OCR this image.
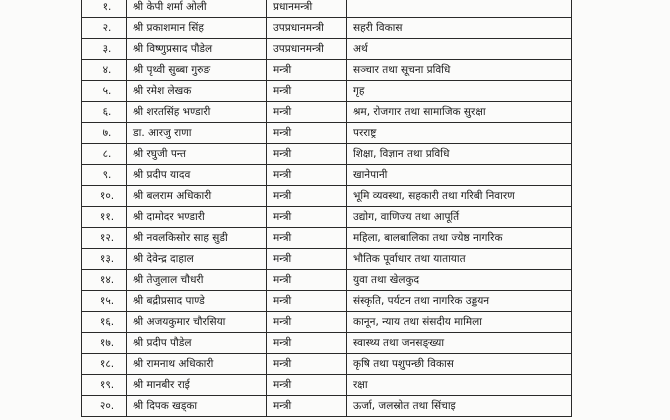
१.	श्री केपी शर्मा ओली	प्रधानमन्त्री	
२.	श्री प्रकाशमान सिंह	उपप्रधानमन्त्री	सहरी विकास
३.	श्री विष्णुप्रसाद पौडेल	उपप्रधानमन्त्री	अर्थ
४.	श्री पृथ्वी सुब्बा गुरुङ	मन्त्री	सञ्चार तथा सूचना प्रविधि
५.	श्री रमेश लेखक	मन्त्री	गृह
६.	श्री शरतसिंह भण्डारी	मन्त्री	श्रम, रोजगार तथा सामाजिक सुरक्षा
७.	डा. आरजु राणा	मन्त्री	परराष्ट्र
८.	श्री रघुजी पन्त	मन्त्री	शिक्षा, विज्ञान तथा प्रविधि
९.	श्री प्रदीप यादव	मन्त्री	खानेपानी
१०.	श्री बलराम अधिकारी	मन्त्री	भूमि व्यवस्था, सहकारी तथा गरिबी निवारण
११.	श्री दामोदर भण्डारी	मन्त्री	उद्योग, वाणिज्य तथा आपूर्ति
१२.	श्री नवलकिसोर साह सुडी	मन्त्री	महिला, बालबालिका तथा ज्येष्ठ नागरिक
१३.	श्री देवेन्द्र दाहाल	मन्त्री	भौतिक पूर्वाधार तथा यातायात
१४.	श्री तेजुलाल चौधरी	मन्त्री	युवा तथा खेलकुद
१५.	श्री बद्रीप्रसाद पाण्डे	मन्त्री	संस्कृति, पर्यटन तथा नागरिक उड्डयन
१६.	श्री अजयकुमार चौरसिया	मन्त्री	कानून, न्याय तथा संसदीय मामिला
१७.	श्री प्रदीप पौडेल	मन्त्री	स्वास्थ्य तथा जनसङ्ख्या
१८.	श्री रामनाथ अधिकारी	मन्त्री	कृषि तथा पशुपन्छी विकास
१९.	श्री मानबीर राई	मन्त्री	रक्षा
२०.	श्री दिपक खड्का	मन्त्री	ऊर्जा, जलस्रोत तथा सिंचाइ
